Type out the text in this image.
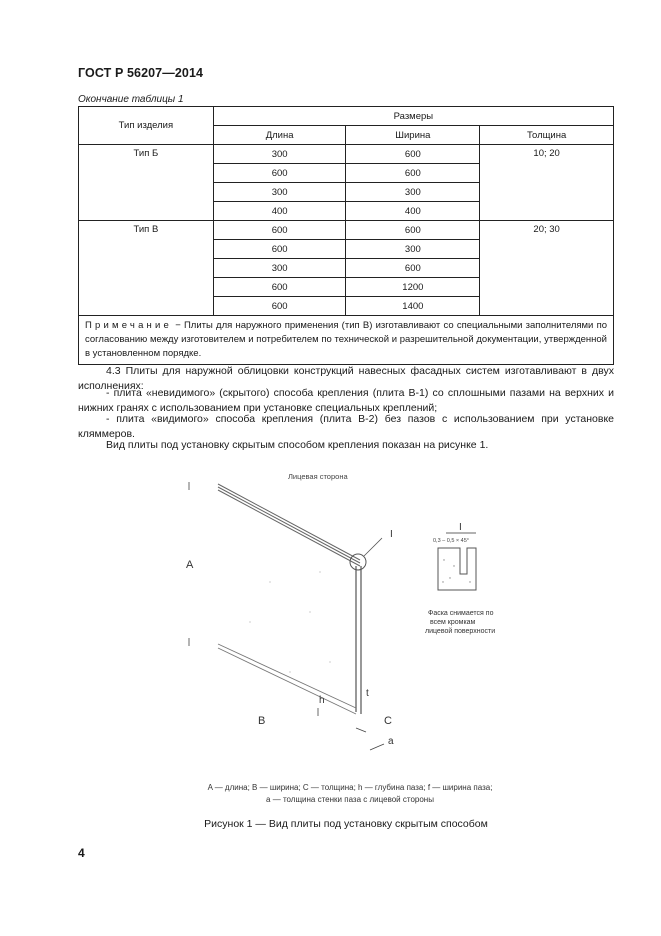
ГОСТ Р 56207—2014
Окончание таблицы 1
Тип изделия	Размеры		
	Длина	Ширина	Толщина
Тип Б	300	600	10; 20
	600	600	
	300	300	
	400	400	
Тип В	600	600	20; 30
	600	300	
	300	600	
	600	1200	
	600	1400	
Примечание − Плиты для наружного применения (тип В) изготавливают со специальными заполнителями по согласованию между изготовителем и потребителем по технической и разрешительной документации, утвержденной в установленном порядке.			
4.3 Плиты для наружной облицовки конструкций навесных фасадных систем изготавливают в двух исполнениях:
- плита «невидимого» (скрытого) способа крепления (плита В-1) со сплошными пазами на верхних и нижних гранях с использованием при установке специальных креплений;
- плита «видимого» способа крепления (плита В-2) без пазов с использованием при установке кляммеров.
Вид плиты под установку скрытым способом крепления показан на рисунке 1.
Лицевая сторона
I
A
B	C
t
h
a
I
0,3 – 0,5 × 45°
Фаска снимается по
всем кромкам
лицевой поверхности
A — длина; B — ширина; C — толщина; h — глубина паза; f — ширина паза;
a — толщина стенки паза с лицевой стороны
Рисунок 1 — Вид плиты под установку скрытым способом
4
